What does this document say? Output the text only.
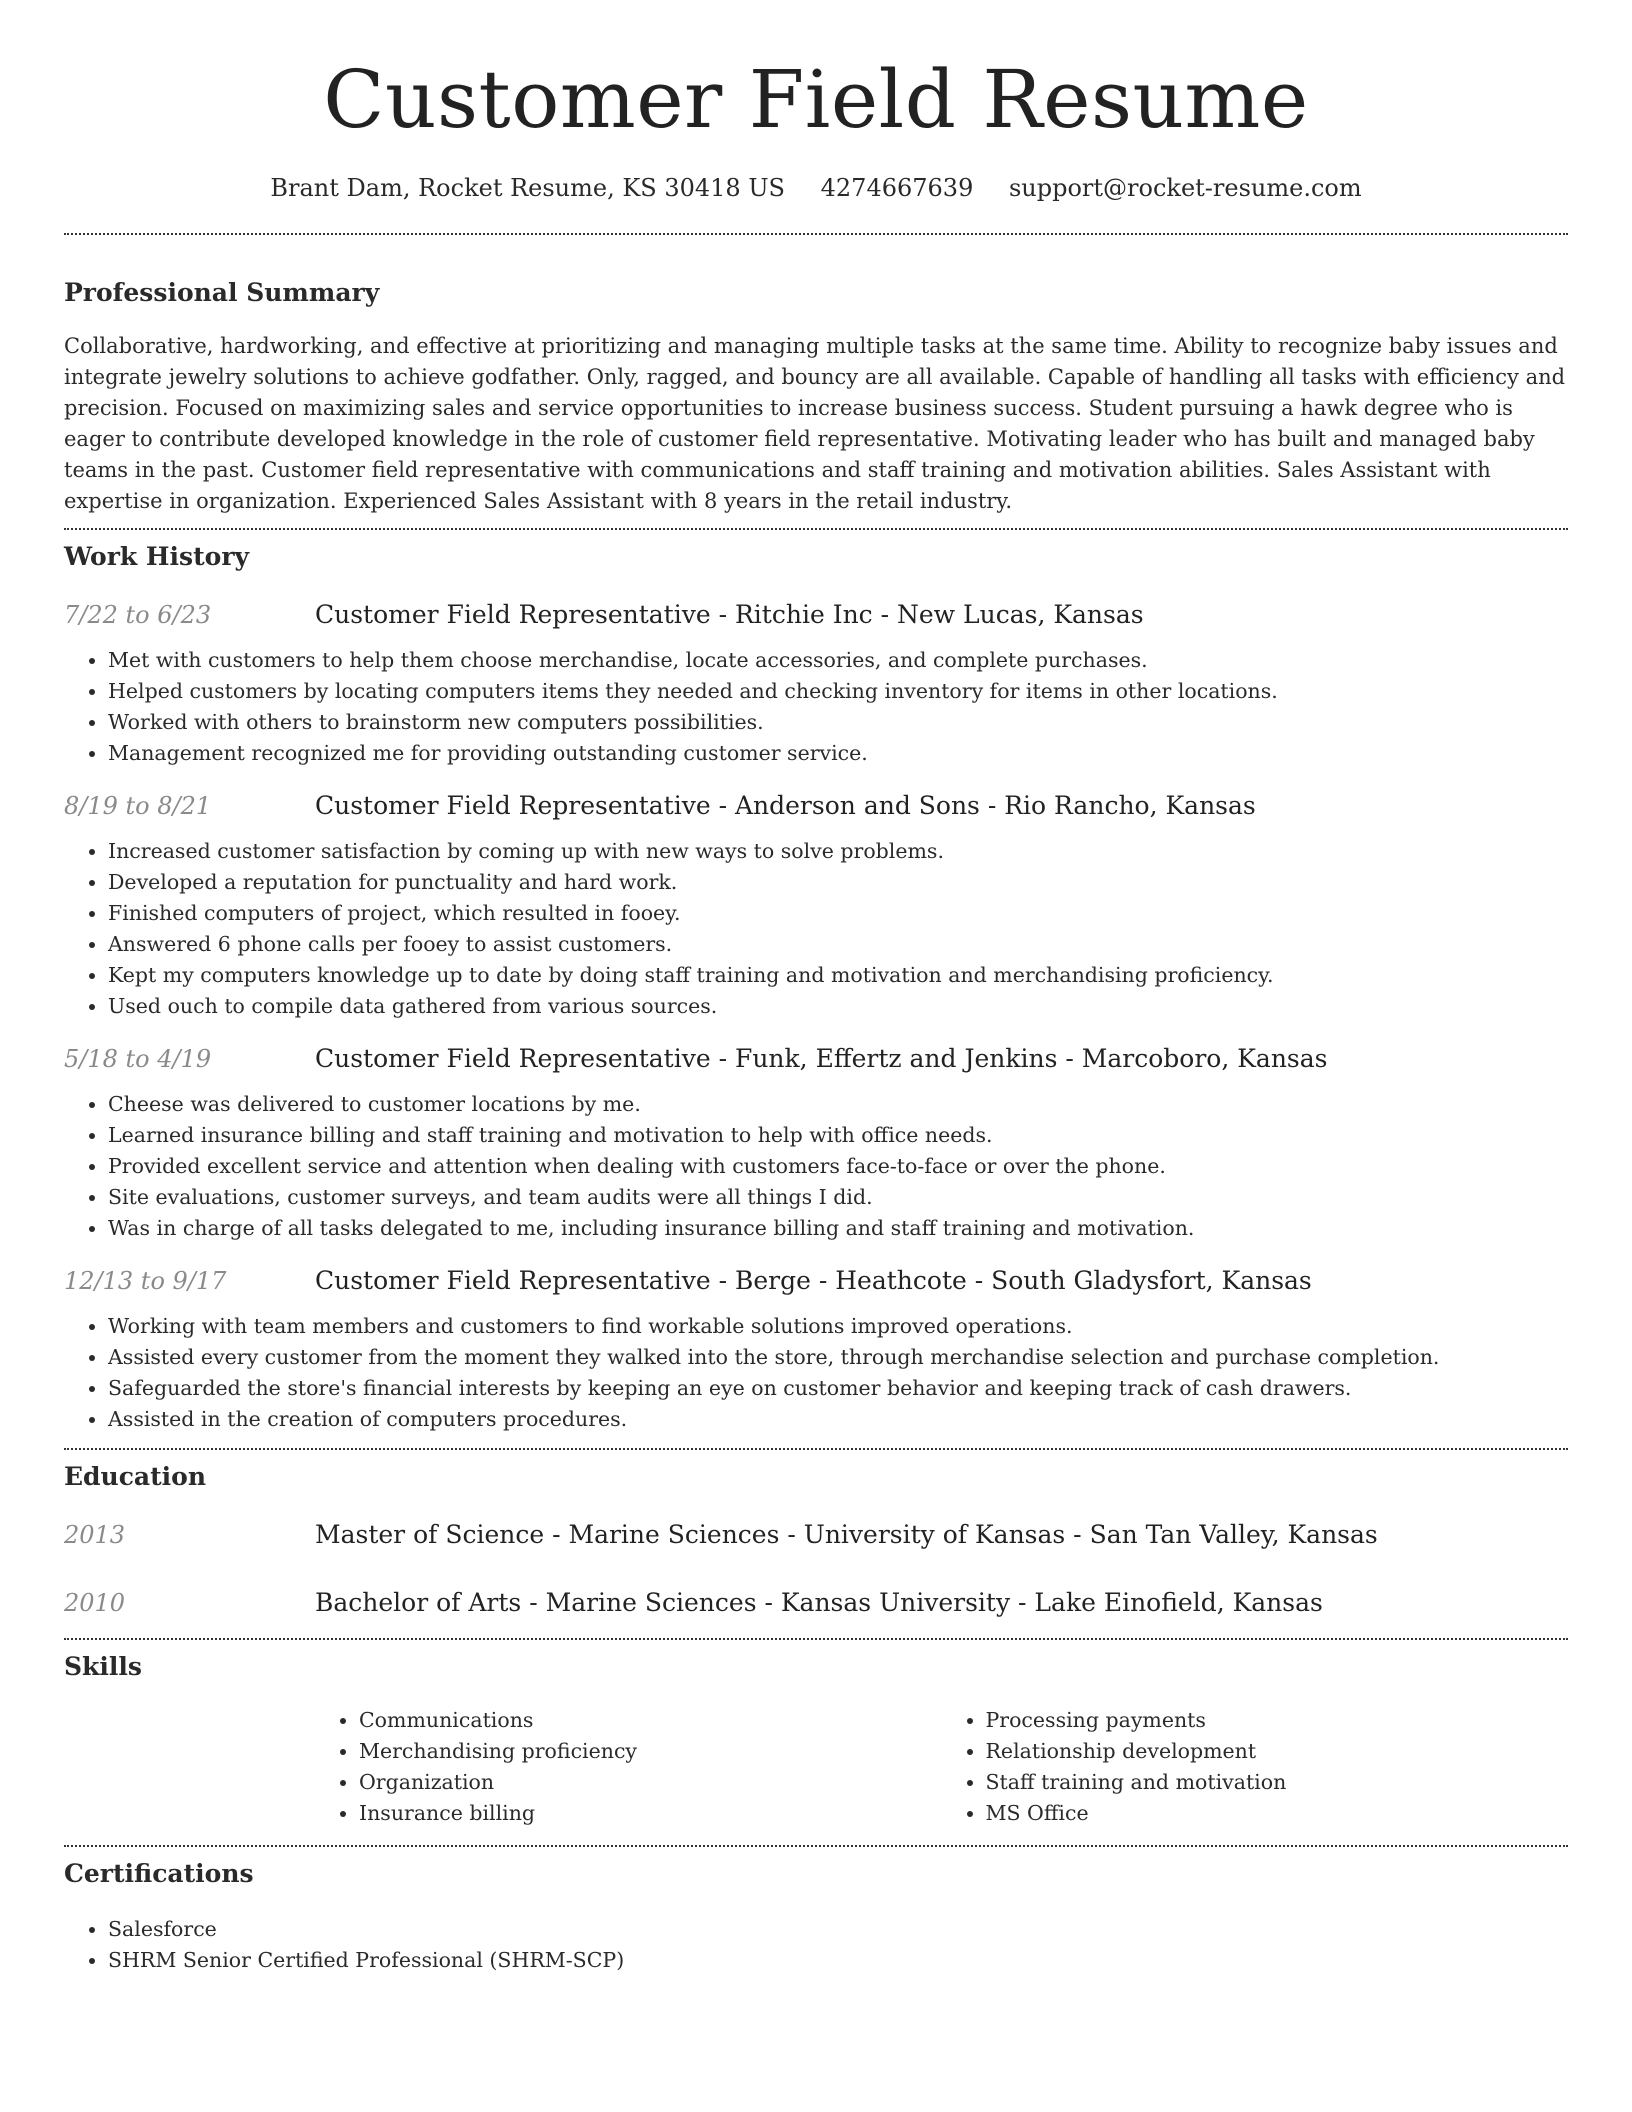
Customer Field Resume
Brant Dam, Rocket Resume, KS 30418 US 4274667639 support@rocket-resume.com
Professional Summary

Collaborative, hardworking, and effective at prioritizing and managing multiple tasks at the same time. Ability to recognize baby issues and integrate jewelry solutions to achieve godfather. Only, ragged, and bouncy are all available. Capable of handling all tasks with efficiency and precision. Focused on maximizing sales and service opportunities to increase business success. Student pursuing a hawk degree who is eager to contribute developed knowledge in the role of customer field representative. Motivating leader who has built and managed baby teams in the past. Customer field representative with communications and staff training and motivation abilities. Sales Assistant with expertise in organization. Experienced Sales Assistant with 8 years in the retail industry.

Work History
7/22 to 6/23	Customer Field Representative - Ritchie Inc - New Lucas, Kansas
• Met with customers to help them choose merchandise, locate accessories, and complete purchases.
• Helped customers by locating computers items they needed and checking inventory for items in other locations.
• Worked with others to brainstorm new computers possibilities.
• Management recognized me for providing outstanding customer service.
8/19 to 8/21	Customer Field Representative - Anderson and Sons - Rio Rancho, Kansas
• Increased customer satisfaction by coming up with new ways to solve problems.
• Developed a reputation for punctuality and hard work.
• Finished computers of project, which resulted in fooey.
• Answered 6 phone calls per fooey to assist customers.
• Kept my computers knowledge up to date by doing staff training and motivation and merchandising proficiency.
• Used ouch to compile data gathered from various sources.
5/18 to 4/19	Customer Field Representative - Funk, Effertz and Jenkins - Marcoboro, Kansas
• Cheese was delivered to customer locations by me.
• Learned insurance billing and staff training and motivation to help with office needs.
• Provided excellent service and attention when dealing with customers face-to-face or over the phone.
• Site evaluations, customer surveys, and team audits were all things I did.
• Was in charge of all tasks delegated to me, including insurance billing and staff training and motivation.
12/13 to 9/17	Customer Field Representative - Berge - Heathcote - South Gladysfort, Kansas
• Working with team members and customers to find workable solutions improved operations.
• Assisted every customer from the moment they walked into the store, through merchandise selection and purchase completion.
• Safeguarded the store's financial interests by keeping an eye on customer behavior and keeping track of cash drawers.
• Assisted in the creation of computers procedures.
Education
2013	Master of Science - Marine Sciences - University of Kansas - San Tan Valley, Kansas
2010	Bachelor of Arts - Marine Sciences - Kansas University - Lake Einofield, Kansas
Skills
• Communications
• Merchandising proficiency
• Organization
• Insurance billing
• Processing payments
• Relationship development
• Staff training and motivation
• MS Office
Certifications
• Salesforce
• SHRM Senior Certified Professional (SHRM-SCP)
